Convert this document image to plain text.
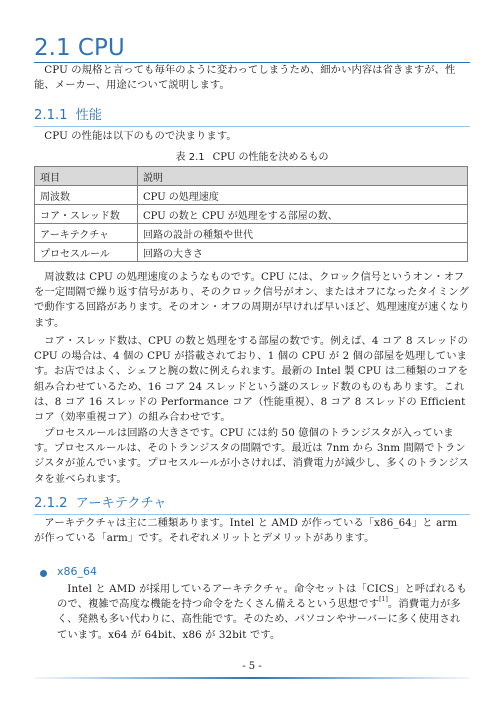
2.1 CPU

CPU の規格と言っても毎年のように変わってしまうため、細かい内容は省きますが、性能、メーカー、用途について説明します。

2.1.1 性能

CPU の性能は以下のもので決まります。

表 2.1 CPU の性能を決めるもの
項目	説明
周波数	CPU の処理速度
コア・スレッド数	CPU の数と CPU が処理をする部屋の数、
アーキテクチャ	回路の設計の種類や世代
プロセスルール	回路の大きさ

周波数は CPU の処理速度のようなものです。CPU には、クロック信号というオン・オフを一定間隔で繰り返す信号があり、そのクロック信号がオン、またはオフになったタイミングで動作する回路があります。そのオン・オフの周期が早ければ早いほど、処理速度が速くなります。

コア・スレッド数は、CPU の数と処理をする部屋の数です。例えば、4 コア 8 スレッドの CPU の場合は、4 個の CPU が搭載されており、1 個の CPU が 2 個の部屋を処理しています。お店ではよく、シェフと腕の数に例えられます。最新の Intel 製 CPU は二種類のコアを組み合わせているため、16 コア 24 スレッドという謎のスレッド数のものもあります。これは、8 コア 16 スレッドの Performance コア（性能重視）、8 コア 8 スレッドの Efficient コア（効率重視コア）の組み合わせです。

プロセスルールは回路の大きさです。CPU には約 50 億個のトランジスタが入っています。プロセスルールは、そのトランジスタの間隔です。最近は 7nm から 3nm 間隔でトランジスタが並んでいます。プロセスルールが小さければ、消費電力が減少し、多くのトランジスタを並べられます。

2.1.2 アーキテクチャ

アーキテクチャは主に二種類あります。Intel と AMD が作っている「x86_64」と arm が作っている「arm」です。それぞれメリットとデメリットがあります。

x86_64

Intel と AMD が採用しているアーキテクチャ。命令セットは「CICS」と呼ばれるもので、複雑で高度な機能を持つ命令をたくさん備えるという思想です[1]。消費電力が多く、発熱も多い代わりに、高性能です。そのため、パソコンやサーバーに多く使用されています。x64 が 64bit、x86 が 32bit です。

- 5 -
